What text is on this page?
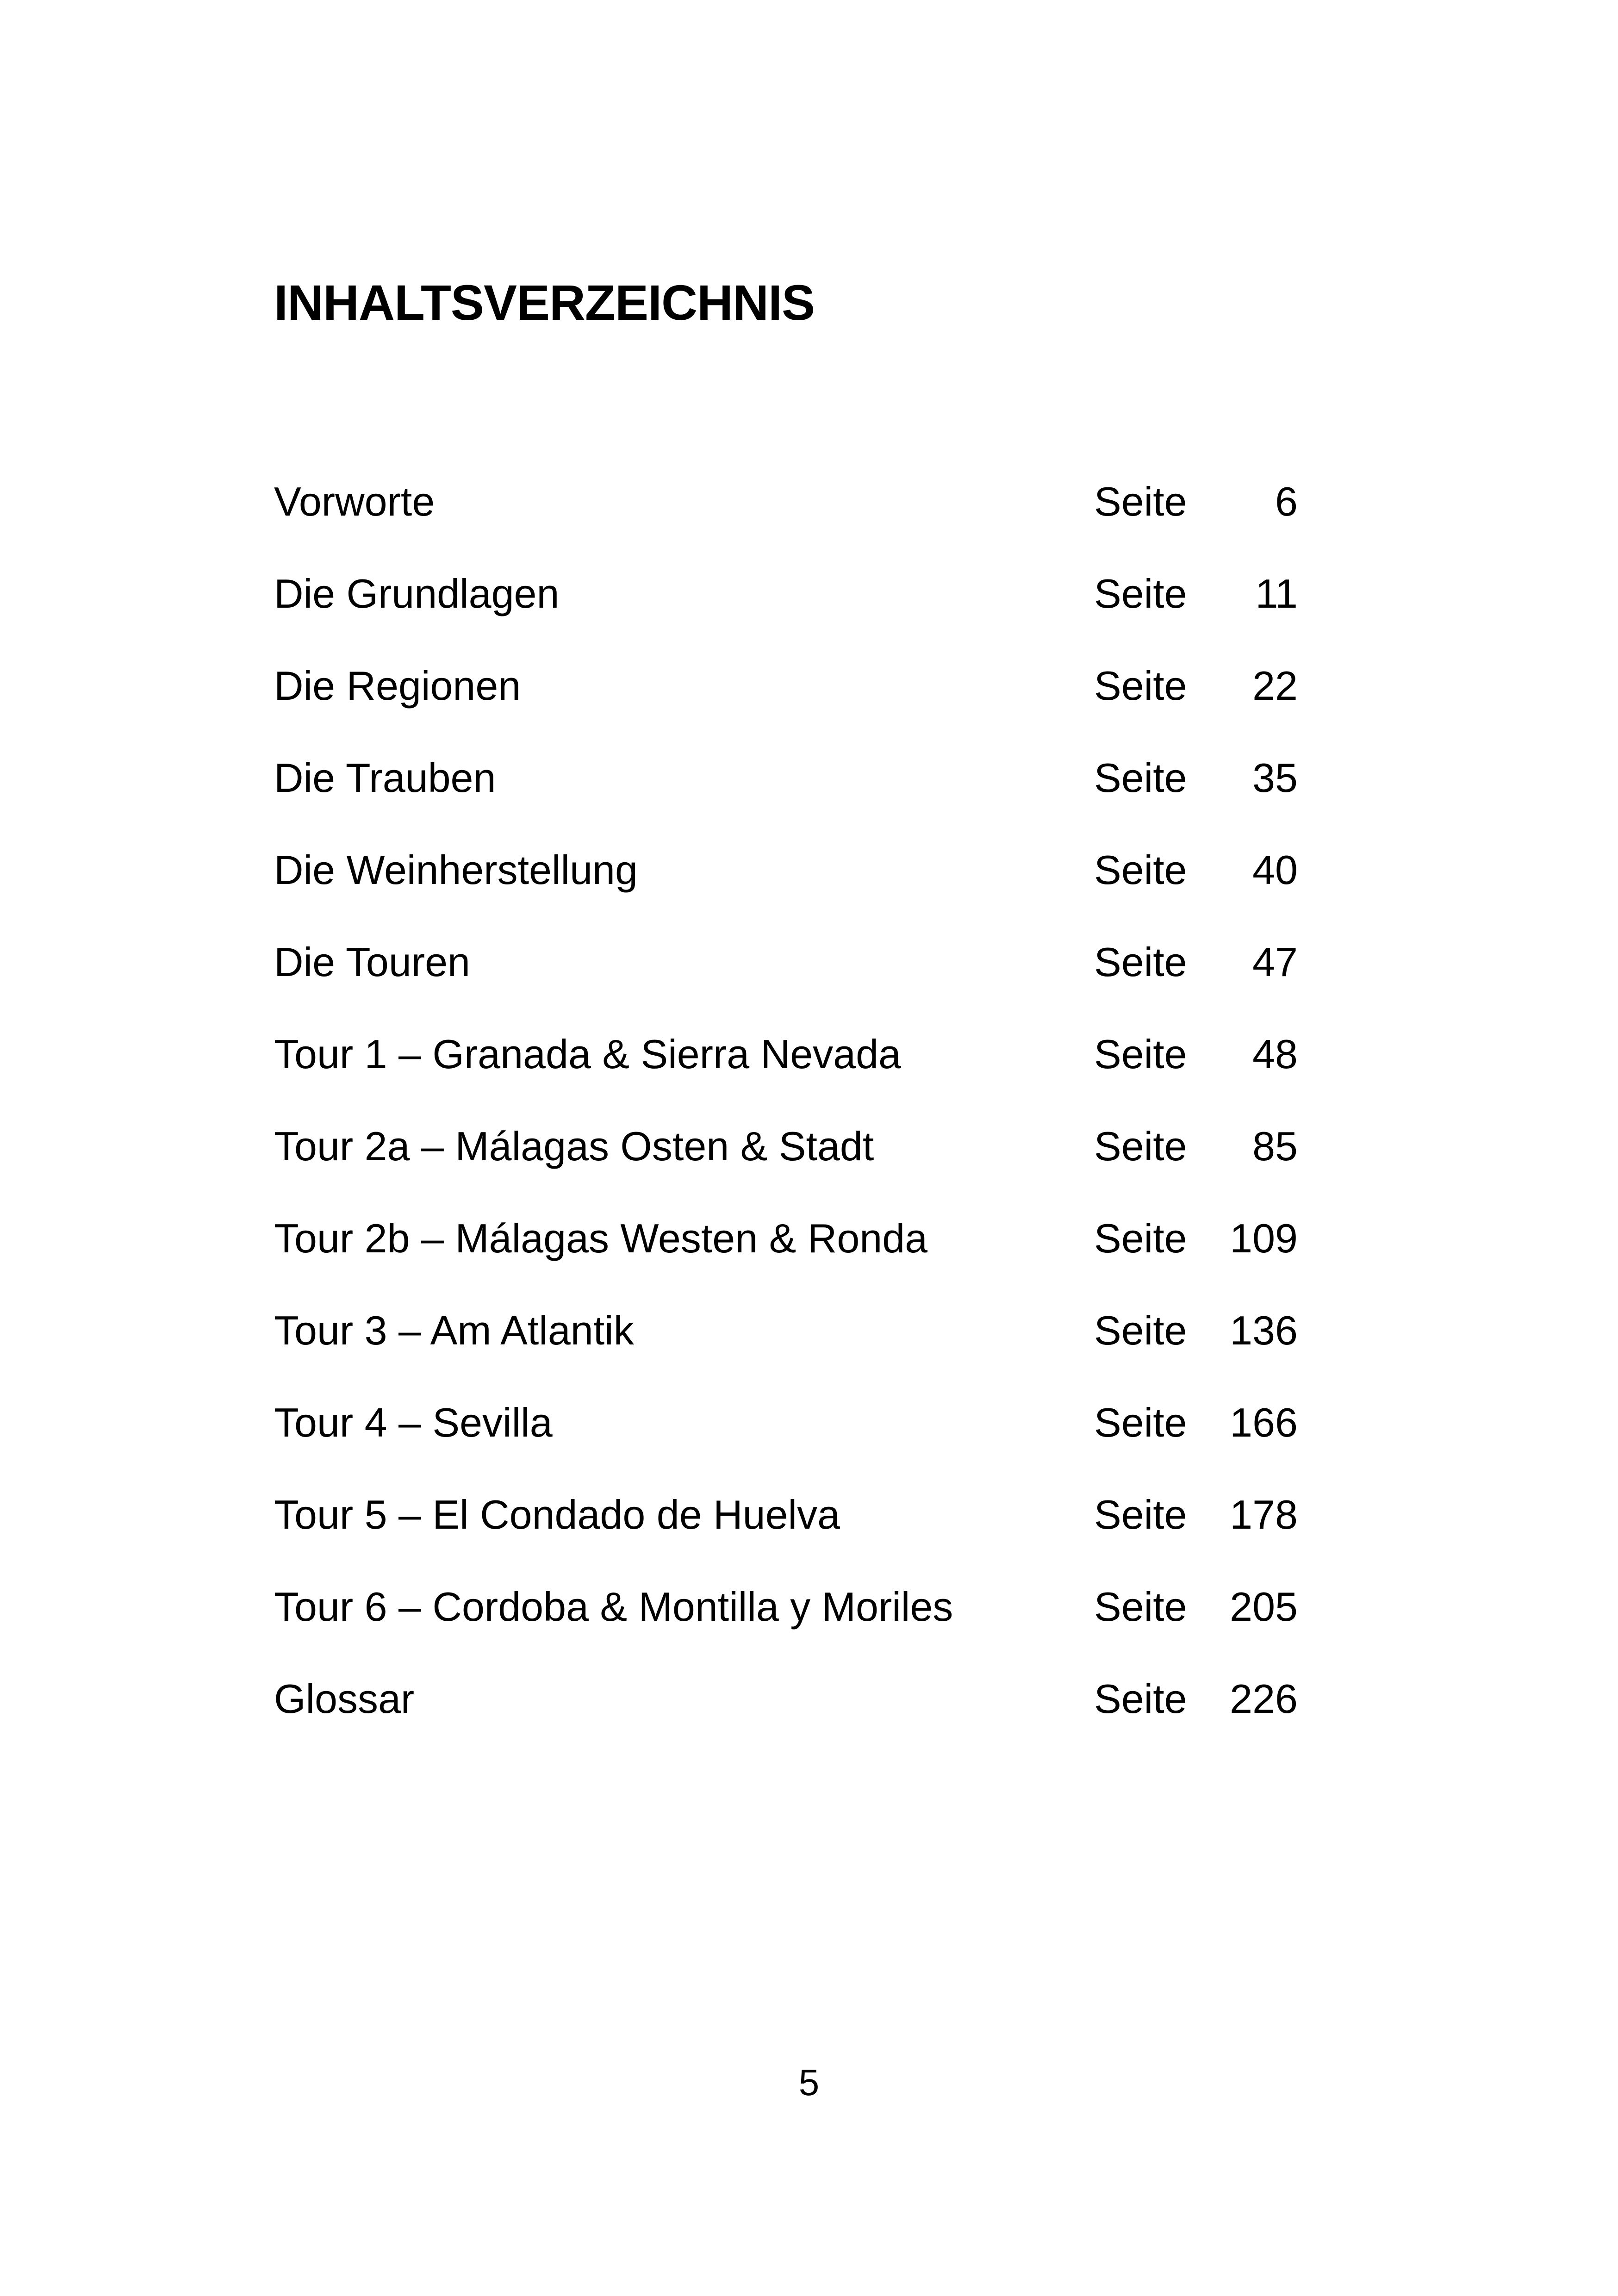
INHALTSVERZEICHNIS
Vorworte	Seite	6
Die Grundlagen	Seite	11
Die Regionen	Seite	22
Die Trauben	Seite	35
Die Weinherstellung	Seite	40
Die Touren	Seite	47
Tour 1 – Granada & Sierra Nevada	Seite	48
Tour 2a – Málagas Osten & Stadt	Seite	85
Tour 2b – Málagas Westen & Ronda	Seite	109
Tour 3 – Am Atlantik	Seite	136
Tour 4 – Sevilla	Seite	166
Tour 5 – El Condado de Huelva	Seite	178
Tour 6 – Cordoba & Montilla y Moriles	Seite	205
Glossar	Seite	226
5
